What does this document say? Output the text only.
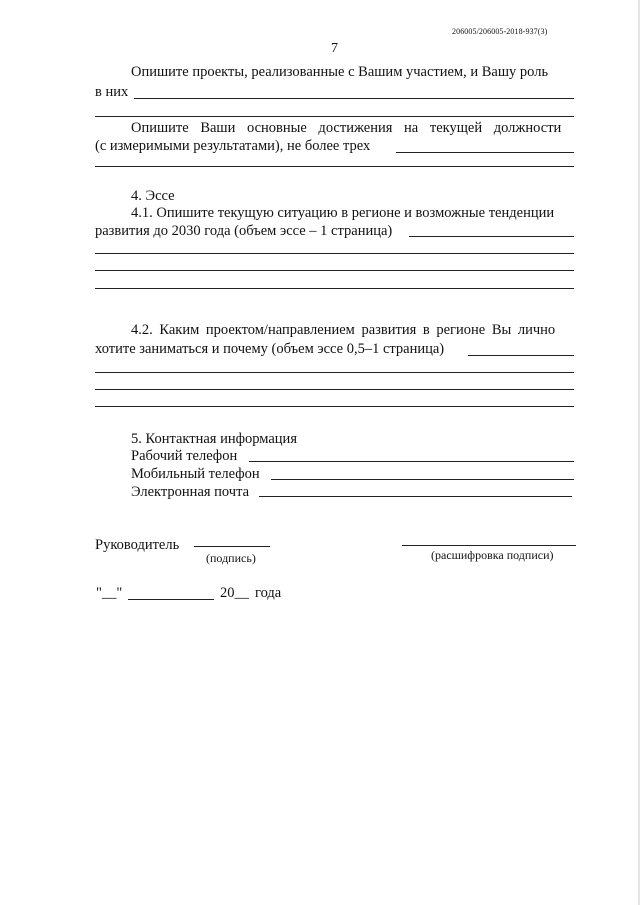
206005/206005-2018-937(3)
7
Опишите проекты, реализованные с Вашим участием, и Вашу роль
в них
Опишите Ваши основные достижения на текущей должности
(с измеримыми результатами), не более трех
4. Эссе
4.1. Опишите текущую ситуацию в регионе и возможные тенденции
развития до 2030 года (объем эссе – 1 страница)
4.2. Каким проектом/направлением развития в регионе Вы лично
хотите заниматься и почему (объем эссе 0,5–1 страница)
5. Контактная информация
Рабочий телефон
Мобильный телефон
Электронная почта
Руководитель
(подпись)	(расшифровка подписи)
"__"	20__ года
